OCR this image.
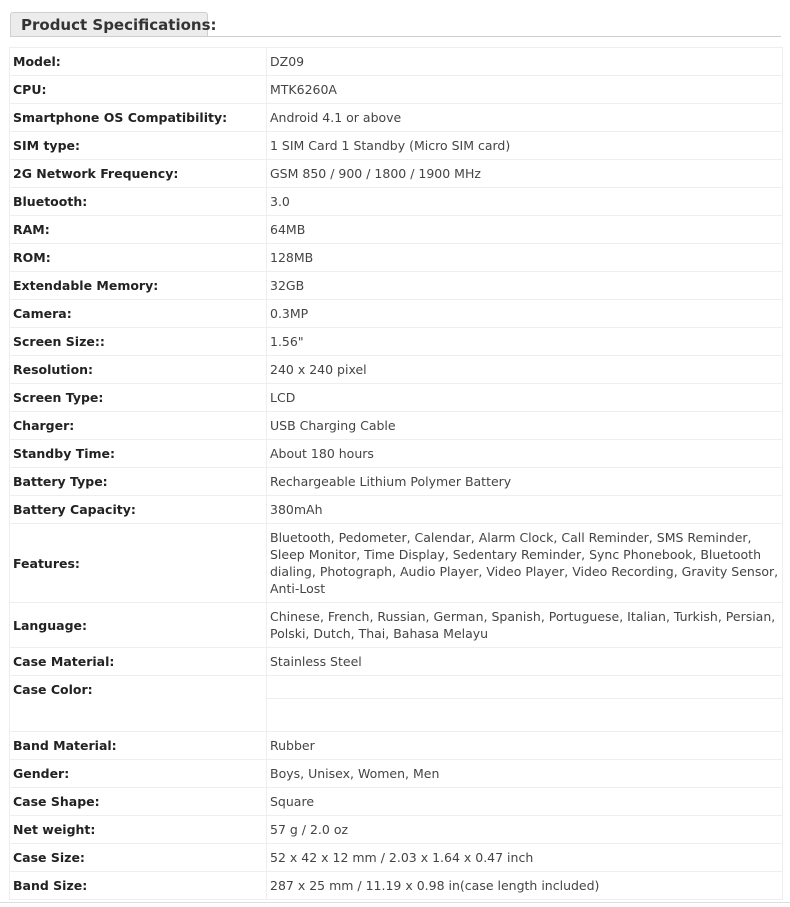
Product Specifications:
Model:	DZ09
CPU:	MTK6260A
Smartphone OS Compatibility:	Android 4.1 or above
SIM type:	1 SIM Card 1 Standby (Micro SIM card)
2G Network Frequency:	GSM 850 / 900 / 1800 / 1900 MHz
Bluetooth:	3.0
RAM:	64MB
ROM:	128MB
Extendable Memory:	32GB
Camera:	0.3MP
Screen Size::	1.56"
Resolution:	240 x 240 pixel
Screen Type:	LCD
Charger:	USB Charging Cable
Standby Time:	About 180 hours
Battery Type:	Rechargeable Lithium Polymer Battery
Battery Capacity:	380mAh
Features:	Bluetooth, Pedometer, Calendar, Alarm Clock, Call Reminder, SMS Reminder, Sleep Monitor, Time Display, Sedentary Reminder, Sync Phonebook, Bluetooth dialing, Photograph, Audio Player, Video Player, Video Recording, Gravity Sensor, Anti-Lost
Language:	Chinese, French, Russian, German, Spanish, Portuguese, Italian, Turkish, Persian, Polski, Dutch, Thai, Bahasa Melayu
Case Material:	Stainless Steel
Case Color:	

Band Material:	Rubber
Gender:	Boys, Unisex, Women, Men
Case Shape:	Square
Net weight:	57 g / 2.0 oz
Case Size:	52 x 42 x 12 mm / 2.03 x 1.64 x 0.47 inch
Band Size:	287 x 25 mm / 11.19 x 0.98 in(case length included)
